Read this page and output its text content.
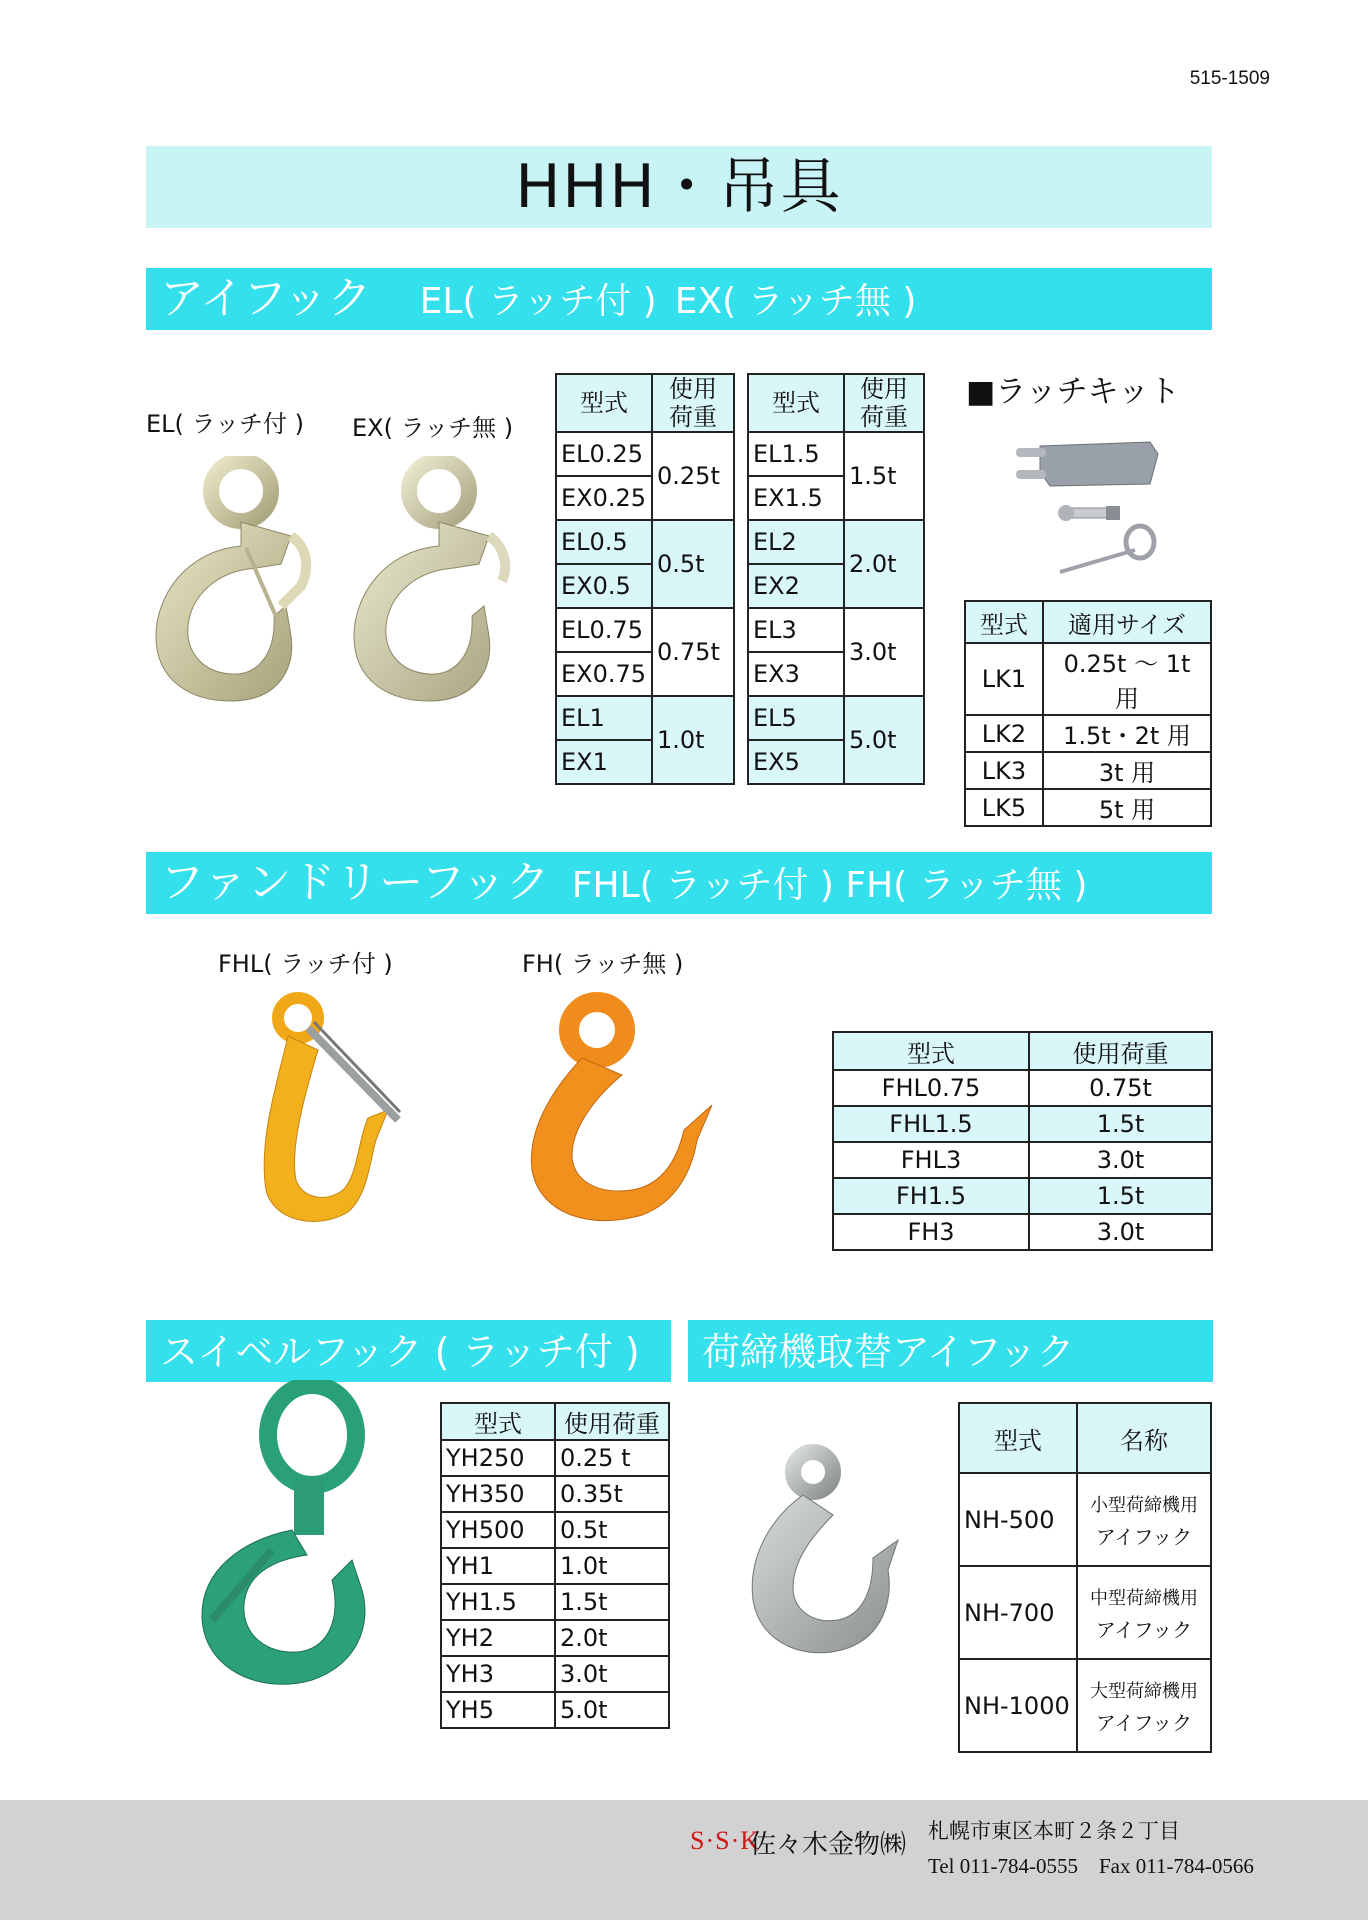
515-1509
HHH・吊具
アイフック EL( ラッチ付 ) EX( ラッチ無 )
EL( ラッチ付 ) EX( ラッチ無 )
型式	使用
荷重
EL0.25	0.25t
EX0.25	
EL0.5	0.5t
EX0.5	
EL0.75	0.75t
EX0.75	
EL1	1.0t
EX1	
型式	使用
荷重
EL1.5	1.5t
EX1.5	
EL2	2.0t
EX2	
EL3	3.0t
EX3	
EL5	5.0t
EX5	
■ラッチキット
型式	適用サイズ
LK1	0.25t ～ 1t 用
LK2	1.5t・2t 用
LK3	3t 用
LK5	5t 用
ファンドリーフック FHL( ラッチ付 ) FH( ラッチ無 )
FHL( ラッチ付 )	FH( ラッチ無 )
型式	使用荷重
FHL0.75	0.75t
FHL1.5	1.5t
FHL3	3.0t
FH1.5	1.5t
FH3	3.0t
スイベルフック ( ラッチ付 )
型式	使用荷重
YH250	0.25 t
YH350	0.35t
YH500	0.5t
YH1	1.0t
YH1.5	1.5t
YH2	2.0t
YH3	3.0t
YH5	5.0t
荷締機取替アイフック
型式	名称
NH-500	小型荷締機用
アイフック
NH-700	中型荷締機用
アイフック
NH-1000	大型荷締機用
アイフック
S·S·K
佐々木金物㈱ 札幌市東区本町２条２丁目
Tel 011-784-0555　Fax 011-784-0566
